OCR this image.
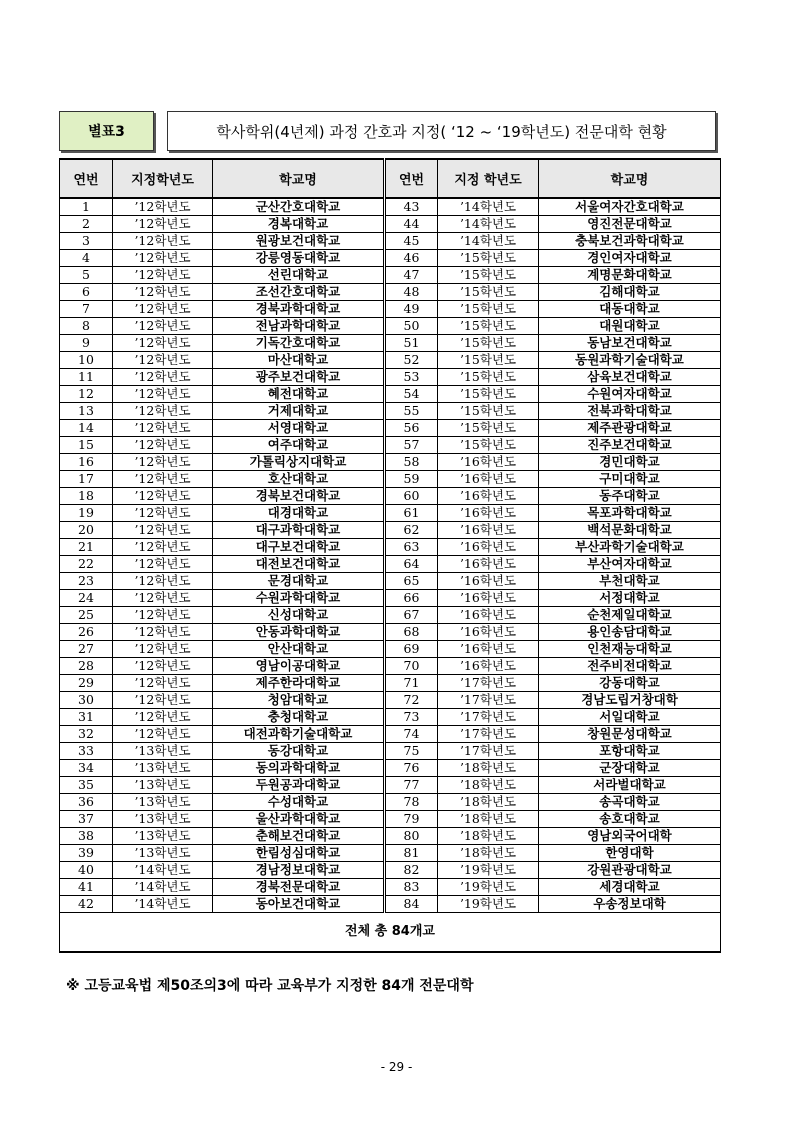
별표3	학사학위(4년제) 과정 간호과 지정( ‘12 ~ ‘19학년도) 전문대학 현황
연번	지정학년도	학교명	연번	지정 학년도	학교명
1	’12학년도	군산간호대학교	43	’14학년도	서울여자간호대학교
2	’12학년도	경복대학교	44	’14학년도	영진전문대학교
3	’12학년도	원광보건대학교	45	’14학년도	충북보건과학대학교
4	’12학년도	강릉영동대학교	46	’15학년도	경인여자대학교
5	’12학년도	선린대학교	47	’15학년도	계명문화대학교
6	’12학년도	조선간호대학교	48	’15학년도	김해대학교
7	’12학년도	경북과학대학교	49	’15학년도	대동대학교
8	’12학년도	전남과학대학교	50	’15학년도	대원대학교
9	’12학년도	기독간호대학교	51	’15학년도	동남보건대학교
10	’12학년도	마산대학교	52	’15학년도	동원과학기술대학교
11	’12학년도	광주보건대학교	53	’15학년도	삼육보건대학교
12	’12학년도	혜전대학교	54	’15학년도	수원여자대학교
13	’12학년도	거제대학교	55	’15학년도	전북과학대학교
14	’12학년도	서영대학교	56	’15학년도	제주관광대학교
15	’12학년도	여주대학교	57	’15학년도	진주보건대학교
16	’12학년도	가톨릭상지대학교	58	’16학년도	경민대학교
17	’12학년도	호산대학교	59	’16학년도	구미대학교
18	’12학년도	경북보건대학교	60	’16학년도	동주대학교
19	’12학년도	대경대학교	61	’16학년도	목포과학대학교
20	’12학년도	대구과학대학교	62	’16학년도	백석문화대학교
21	’12학년도	대구보건대학교	63	’16학년도	부산과학기술대학교
22	’12학년도	대전보건대학교	64	’16학년도	부산여자대학교
23	’12학년도	문경대학교	65	’16학년도	부천대학교
24	’12학년도	수원과학대학교	66	’16학년도	서정대학교
25	’12학년도	신성대학교	67	’16학년도	순천제일대학교
26	’12학년도	안동과학대학교	68	’16학년도	용인송담대학교
27	’12학년도	안산대학교	69	’16학년도	인천재능대학교
28	’12학년도	영남이공대학교	70	’16학년도	전주비전대학교
29	’12학년도	제주한라대학교	71	’17학년도	강동대학교
30	’12학년도	청암대학교	72	’17학년도	경남도립거창대학
31	’12학년도	충청대학교	73	’17학년도	서일대학교
32	’12학년도	대전과학기술대학교	74	’17학년도	창원문성대학교
33	’13학년도	동강대학교	75	’17학년도	포항대학교
34	’13학년도	동의과학대학교	76	’18학년도	군장대학교
35	’13학년도	두원공과대학교	77	’18학년도	서라벌대학교
36	’13학년도	수성대학교	78	’18학년도	송곡대학교
37	’13학년도	울산과학대학교	79	’18학년도	송호대학교
38	’13학년도	춘해보건대학교	80	’18학년도	영남외국어대학
39	’13학년도	한림성심대학교	81	’18학년도	한영대학
40	’14학년도	경남정보대학교	82	’19학년도	강원관광대학교
41	’14학년도	경북전문대학교	83	’19학년도	세경대학교
42	’14학년도	동아보건대학교	84	’19학년도	우송정보대학
전체 총 84개교					
※ 고등교육법 제50조의3에 따라 교육부가 지정한 84개 전문대학
- 29 -
